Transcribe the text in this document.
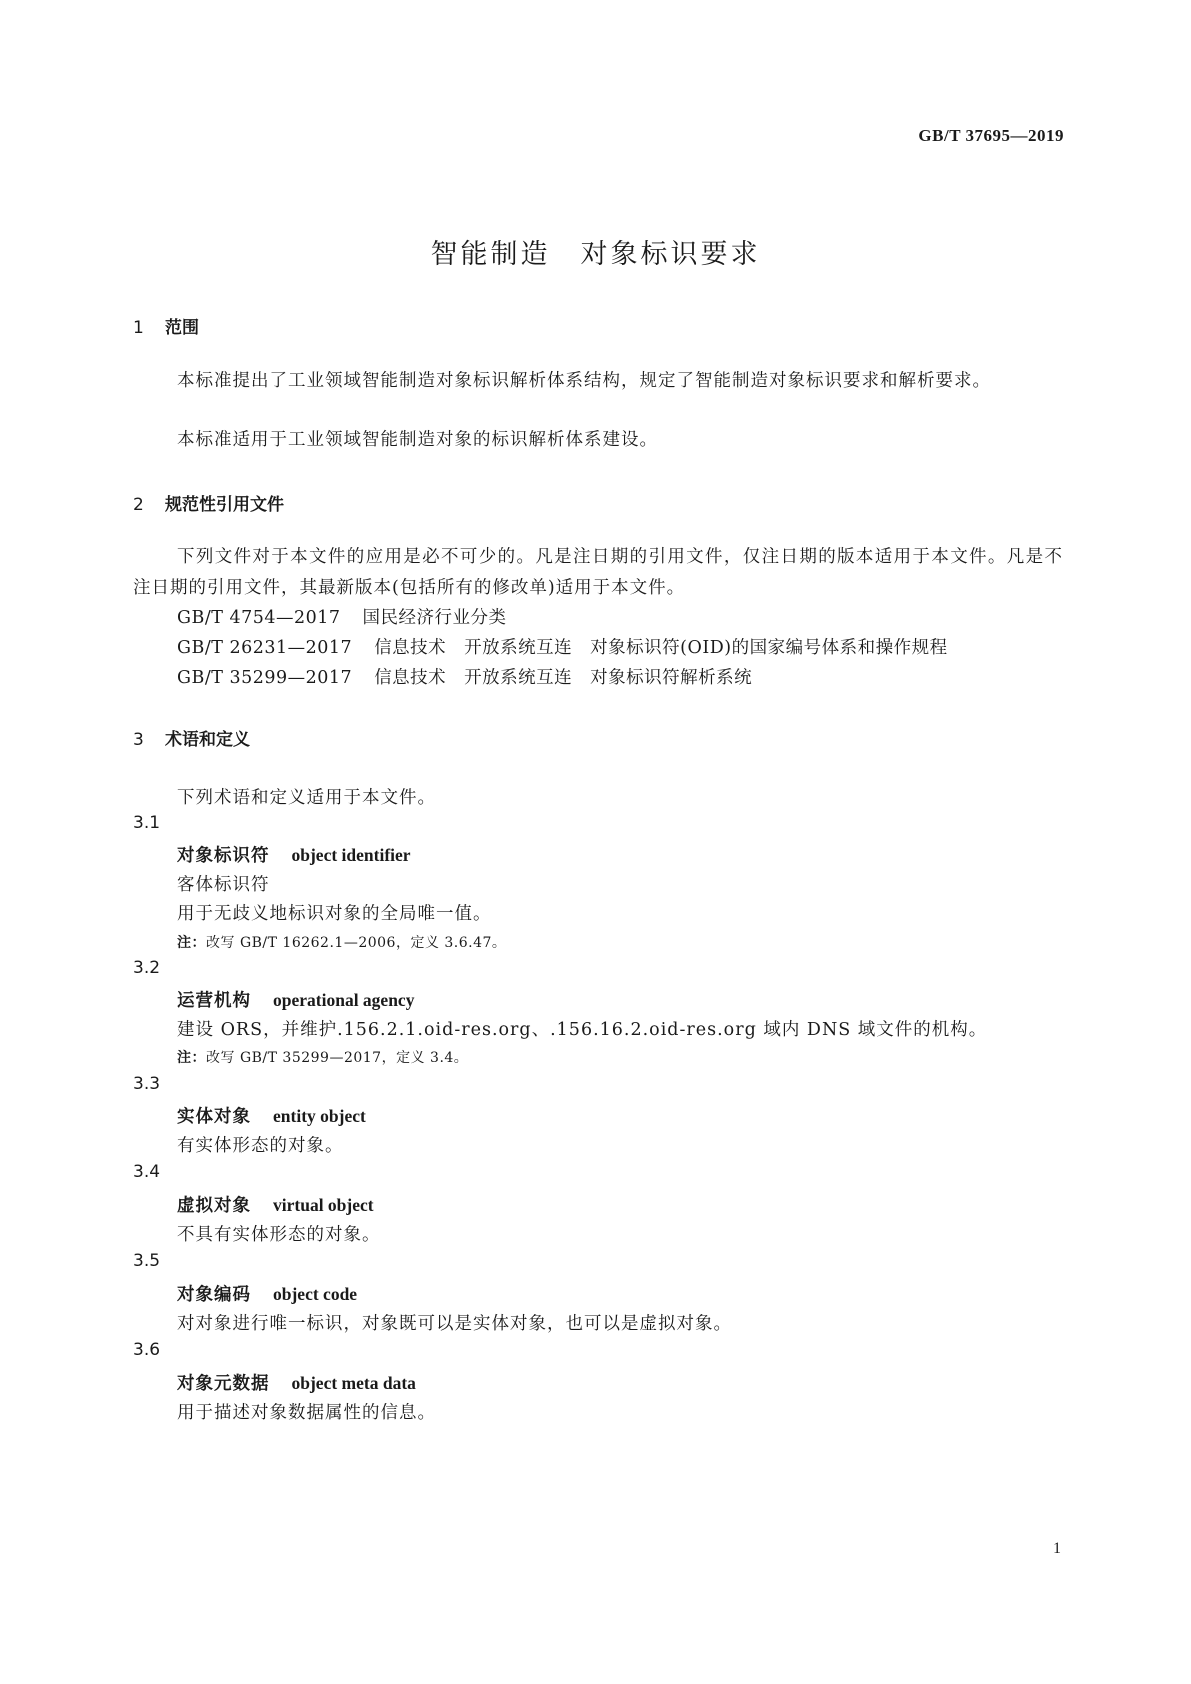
GB/T 37695—2019
智能制造 对象标识要求
1 范围
本标准提出了工业领域智能制造对象标识解析体系结构，规定了智能制造对象标识要求和解析要求。
本标准适用于工业领域智能制造对象的标识解析体系建设。
2 规范性引用文件
下列文件对于本文件的应用是必不可少的。凡是注日期的引用文件，仅注日期的版本适用于本文件。凡是不注日期的引用文件，其最新版本(包括所有的修改单)适用于本文件。
GB/T 4754—2017 国民经济行业分类
GB/T 26231—2017 信息技术　开放系统互连　对象标识符(OID)的国家编号体系和操作规程
GB/T 35299—2017 信息技术　开放系统互连　对象标识符解析系统
3 术语和定义
下列术语和定义适用于本文件。
3.1
对象标识符 object identifier
客体标识符
用于无歧义地标识对象的全局唯一值。
注：改写 GB/T 16262.1—2006，定义 3.6.47。
3.2
运营机构 operational agency
建设 ORS，并维护.156.2.1.oid-res.org、.156.16.2.oid-res.org 域内 DNS 域文件的机构。
注：改写 GB/T 35299—2017，定义 3.4。
3.3
实体对象 entity object
有实体形态的对象。
3.4
虚拟对象 virtual object
不具有实体形态的对象。
3.5
对象编码 object code
对对象进行唯一标识，对象既可以是实体对象，也可以是虚拟对象。
3.6
对象元数据 object meta data
用于描述对象数据属性的信息。
1
